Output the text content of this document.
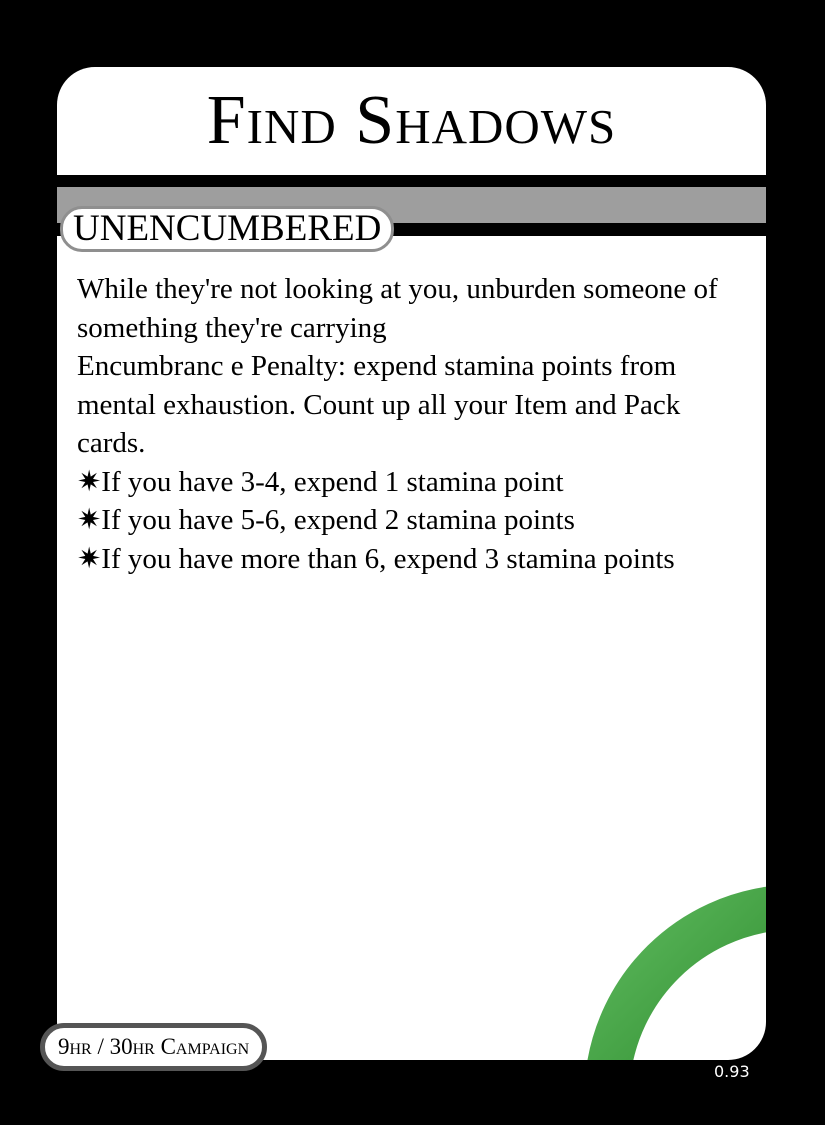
Find Shadows
UNENCUMBERED
While they're not looking at you, unburden someone of something they're carrying
Encumbranc e Penalty: expend stamina points from mental exhaustion. Count up all your Item and Pack cards.
✷If you have 3-4, expend 1 stamina point
✷If you have 5-6, expend 2 stamina points
✷If you have more than 6, expend 3 stamina points
9hr / 30hr Campaign
0.93
